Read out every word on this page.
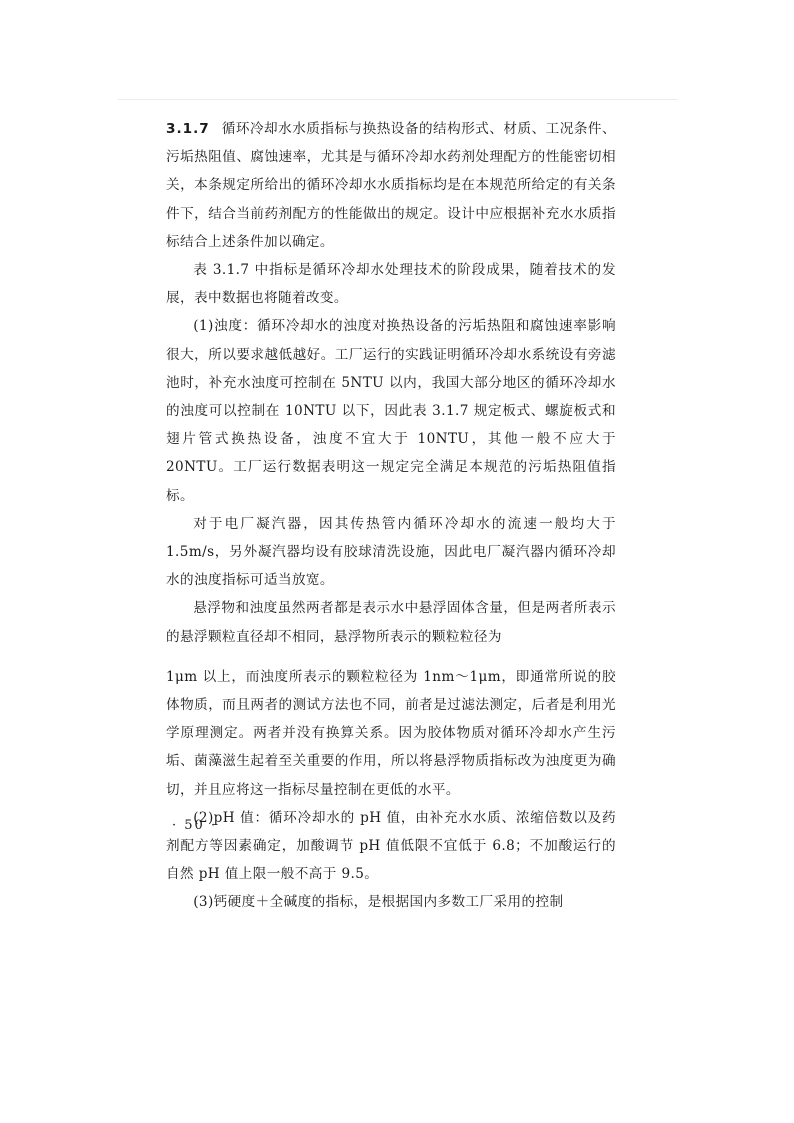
3.1.7 循环冷却水水质指标与换热设备的结构形式、材质、工况条件、污垢热阻值、腐蚀速率，尤其是与循环冷却水药剂处理配方的性能密切相关，本条规定所给出的循环冷却水水质指标均是在本规范所给定的有关条件下，结合当前药剂配方的性能做出的规定。设计中应根据补充水水质指标结合上述条件加以确定。

表 3.1.7 中指标是循环冷却水处理技术的阶段成果，随着技术的发展，表中数据也将随着改变。

(1)浊度：循环冷却水的浊度对换热设备的污垢热阻和腐蚀速率影响很大，所以要求越低越好。工厂运行的实践证明循环冷却水系统设有旁滤池时，补充水浊度可控制在 5NTU 以内，我国大部分地区的循环冷却水的浊度可以控制在 10NTU 以下，因此表 3.1.7 规定板式、螺旋板式和翅片管式换热设备，浊度不宜大于 10NTU，其他一般不应大于 20NTU。工厂运行数据表明这一规定完全满足本规范的污垢热阻值指标。

对于电厂凝汽器，因其传热管内循环冷却水的流速一般均大于 1.5m/s，另外凝汽器均设有胶球清洗设施，因此电厂凝汽器内循环冷却水的浊度指标可适当放宽。

悬浮物和浊度虽然两者都是表示水中悬浮固体含量，但是两者所表示的悬浮颗粒直径却不相同，悬浮物所表示的颗粒粒径为

1μm 以上，而浊度所表示的颗粒粒径为 1nm～1μm，即通常所说的胶体物质，而且两者的测试方法也不同，前者是过滤法测定，后者是利用光学原理测定。两者并没有换算关系。因为胶体物质对循环冷却水产生污垢、菌藻滋生起着至关重要的作用，所以将悬浮物质指标改为浊度更为确切，并且应将这一指标尽量控制在更低的水平。

(2)pH 值：循环冷却水的 pH 值，由补充水水质、浓缩倍数以及药剂配方等因素确定，加酸调节 pH 值低限不宜低于 6.8；不加酸运行的自然 pH 值上限一般不高于 9.5。

(3)钙硬度＋全碱度的指标，是根据国内多数工厂采用的控制

· 50 ·
